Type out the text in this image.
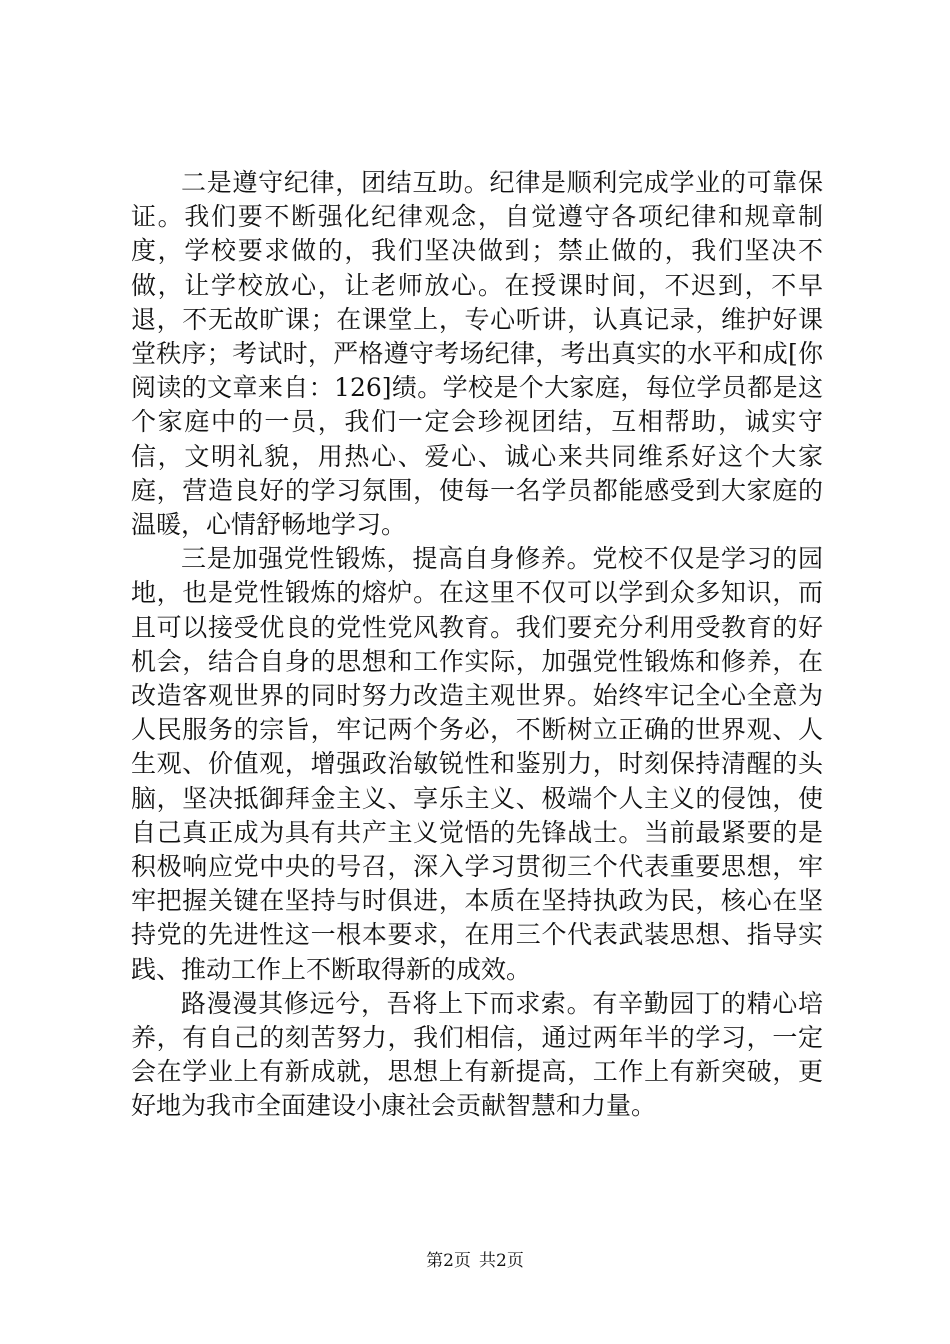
二是遵守纪律，团结互助。纪律是顺利完成学业的可靠保证。我们要不断强化纪律观念，自觉遵守各项纪律和规章制度，学校要求做的，我们坚决做到；禁止做的，我们坚决不做，让学校放心，让老师放心。在授课时间，不迟到，不早退，不无故旷课；在课堂上，专心听讲，认真记录，维护好课堂秩序；考试时，严格遵守考场纪律，考出真实的水平和成[你阅读的文章来自：126]绩。学校是个大家庭，每位学员都是这个家庭中的一员，我们一定会珍视团结，互相帮助，诚实守信，文明礼貌，用热心、爱心、诚心来共同维系好这个大家庭，营造良好的学习氛围，使每一名学员都能感受到大家庭的温暖，心情舒畅地学习。

三是加强党性锻炼，提高自身修养。党校不仅是学习的园地，也是党性锻炼的熔炉。在这里不仅可以学到众多知识，而且可以接受优良的党性党风教育。我们要充分利用受教育的好机会，结合自身的思想和工作实际，加强党性锻炼和修养，在改造客观世界的同时努力改造主观世界。始终牢记全心全意为人民服务的宗旨，牢记两个务必，不断树立正确的世界观、人生观、价值观，增强政治敏锐性和鉴别力，时刻保持清醒的头脑，坚决抵御拜金主义、享乐主义、极端个人主义的侵蚀，使自己真正成为具有共产主义觉悟的先锋战士。当前最紧要的是积极响应党中央的号召，深入学习贯彻三个代表重要思想，牢牢把握关键在坚持与时俱进，本质在坚持执政为民，核心在坚持党的先进性这一根本要求，在用三个代表武装思想、指导实践、推动工作上不断取得新的成效。

路漫漫其修远兮，吾将上下而求索。有辛勤园丁的精心培养，有自己的刻苦努力，我们相信，通过两年半的学习，一定会在学业上有新成就，思想上有新提高，工作上有新突破，更好地为我市全面建设小康社会贡献智慧和力量。

第2页 共2页
